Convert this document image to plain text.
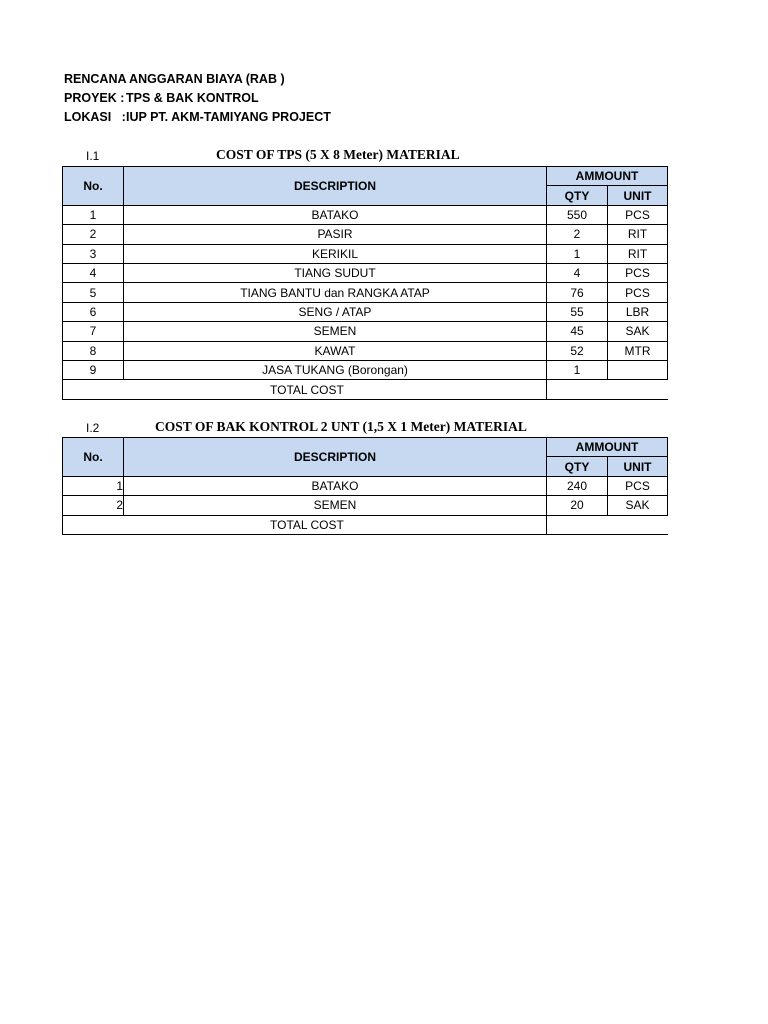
RENCANA ANGGARAN BIAYA (RAB )
PROYEK : TPS & BAK KONTROL
LOKASI   :IUP PT. AKM-TAMIYANG PROJECT
I.1	COST OF TPS (5 X 8 Meter) MATERIAL
No.	DESCRIPTION	AMMOUNT	
		QTY	UNIT
1	BATAKO	550	PCS
2	PASIR	2	RIT
3	KERIKIL	1	RIT
4	TIANG SUDUT	4	PCS
5	TIANG BANTU dan RANGKA ATAP	76	PCS
6	SENG / ATAP	55	LBR
7	SEMEN	45	SAK
8	KAWAT	52	MTR
9	JASA TUKANG (Borongan)	1	
TOTAL COST			
I.2	COST OF BAK KONTROL 2 UNT (1,5 X 1 Meter) MATERIAL
No.	DESCRIPTION	AMMOUNT	
		QTY	UNIT
1	BATAKO	240	PCS
2	SEMEN	20	SAK
TOTAL COST			
